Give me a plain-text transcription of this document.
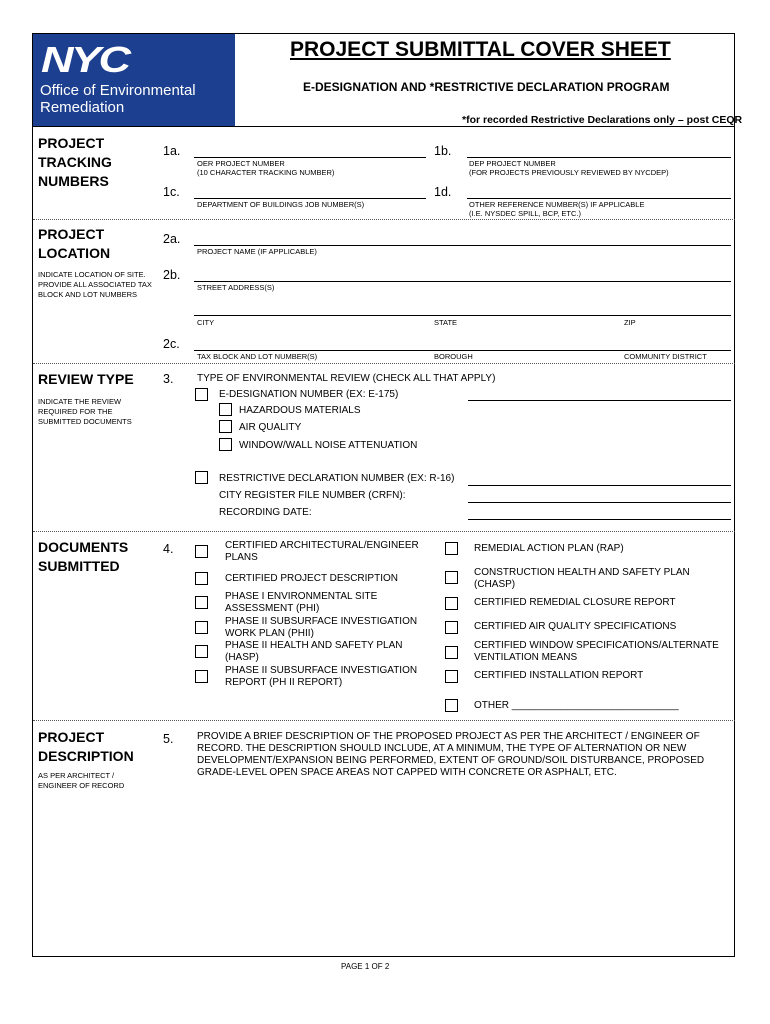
NYC
Office of Environmental Remediation
PROJECT SUBMITTAL COVER SHEET
E-DESIGNATION AND *RESTRICTIVE DECLARATION PROGRAM
*for recorded Restrictive Declarations only – post CEQR
PROJECT TRACKING NUMBERS
1a.
OER PROJECT NUMBER
(10 CHARACTER TRACKING NUMBER)
1b.
DEP PROJECT NUMBER
(FOR PROJECTS PREVIOUSLY REVIEWED BY NYCDEP)
1c.
DEPARTMENT OF BUILDINGS JOB NUMBER(S)
1d.
OTHER REFERENCE NUMBER(S) IF APPLICABLE
(I.E. NYSDEC SPILL, BCP, ETC.)
PROJECT LOCATION
INDICATE LOCATION OF SITE. PROVIDE ALL ASSOCIATED TAX BLOCK AND LOT NUMBERS
2a.
PROJECT NAME (IF APPLICABLE)
2b.
STREET ADDRESS(S)
CITY	STATE	ZIP
2c.
TAX BLOCK AND LOT NUMBER(S)	BOROUGH	COMMUNITY DISTRICT
REVIEW TYPE
INDICATE THE REVIEW REQUIRED FOR THE SUBMITTED DOCUMENTS
3. TYPE OF ENVIRONMENTAL REVIEW (CHECK ALL THAT APPLY)
E-DESIGNATION NUMBER (EX: E-175)
HAZARDOUS MATERIALS
AIR QUALITY
WINDOW/WALL NOISE ATTENUATION
RESTRICTIVE DECLARATION NUMBER (EX: R-16)
CITY REGISTER FILE NUMBER (CRFN):
RECORDING DATE:
DOCUMENTS SUBMITTED
4.	CERTIFIED ARCHITECTURAL/ENGINEER PLANS
CERTIFIED PROJECT DESCRIPTION
PHASE I ENVIRONMENTAL SITE ASSESSMENT (PHI)
PHASE II SUBSURFACE INVESTIGATION WORK PLAN (PHII)
PHASE II HEALTH AND SAFETY PLAN (HASP)
PHASE II SUBSURFACE INVESTIGATION REPORT (PH II REPORT)
REMEDIAL ACTION PLAN (RAP)
CONSTRUCTION HEALTH AND SAFETY PLAN (CHASP)
CERTIFIED REMEDIAL CLOSURE REPORT
CERTIFIED AIR QUALITY SPECIFICATIONS
CERTIFIED WINDOW SPECIFICATIONS/ALTERNATE VENTILATION MEANS
CERTIFIED INSTALLATION REPORT
OTHER ______________________________
PROJECT DESCRIPTION
AS PER ARCHITECT / ENGINEER OF RECORD
5. PROVIDE A BRIEF DESCRIPTION OF THE PROPOSED PROJECT AS PER THE ARCHITECT / ENGINEER OF RECORD. THE DESCRIPTION SHOULD INCLUDE, AT A MINIMUM, THE TYPE OF ALTERNATION OR NEW DEVELOPMENT/EXPANSION BEING PERFORMED, EXTENT OF GROUND/SOIL DISTURBANCE, PROPOSED GRADE-LEVEL OPEN SPACE AREAS NOT CAPPED WITH CONCRETE OR ASPHALT, ETC.
PAGE 1 OF 2
